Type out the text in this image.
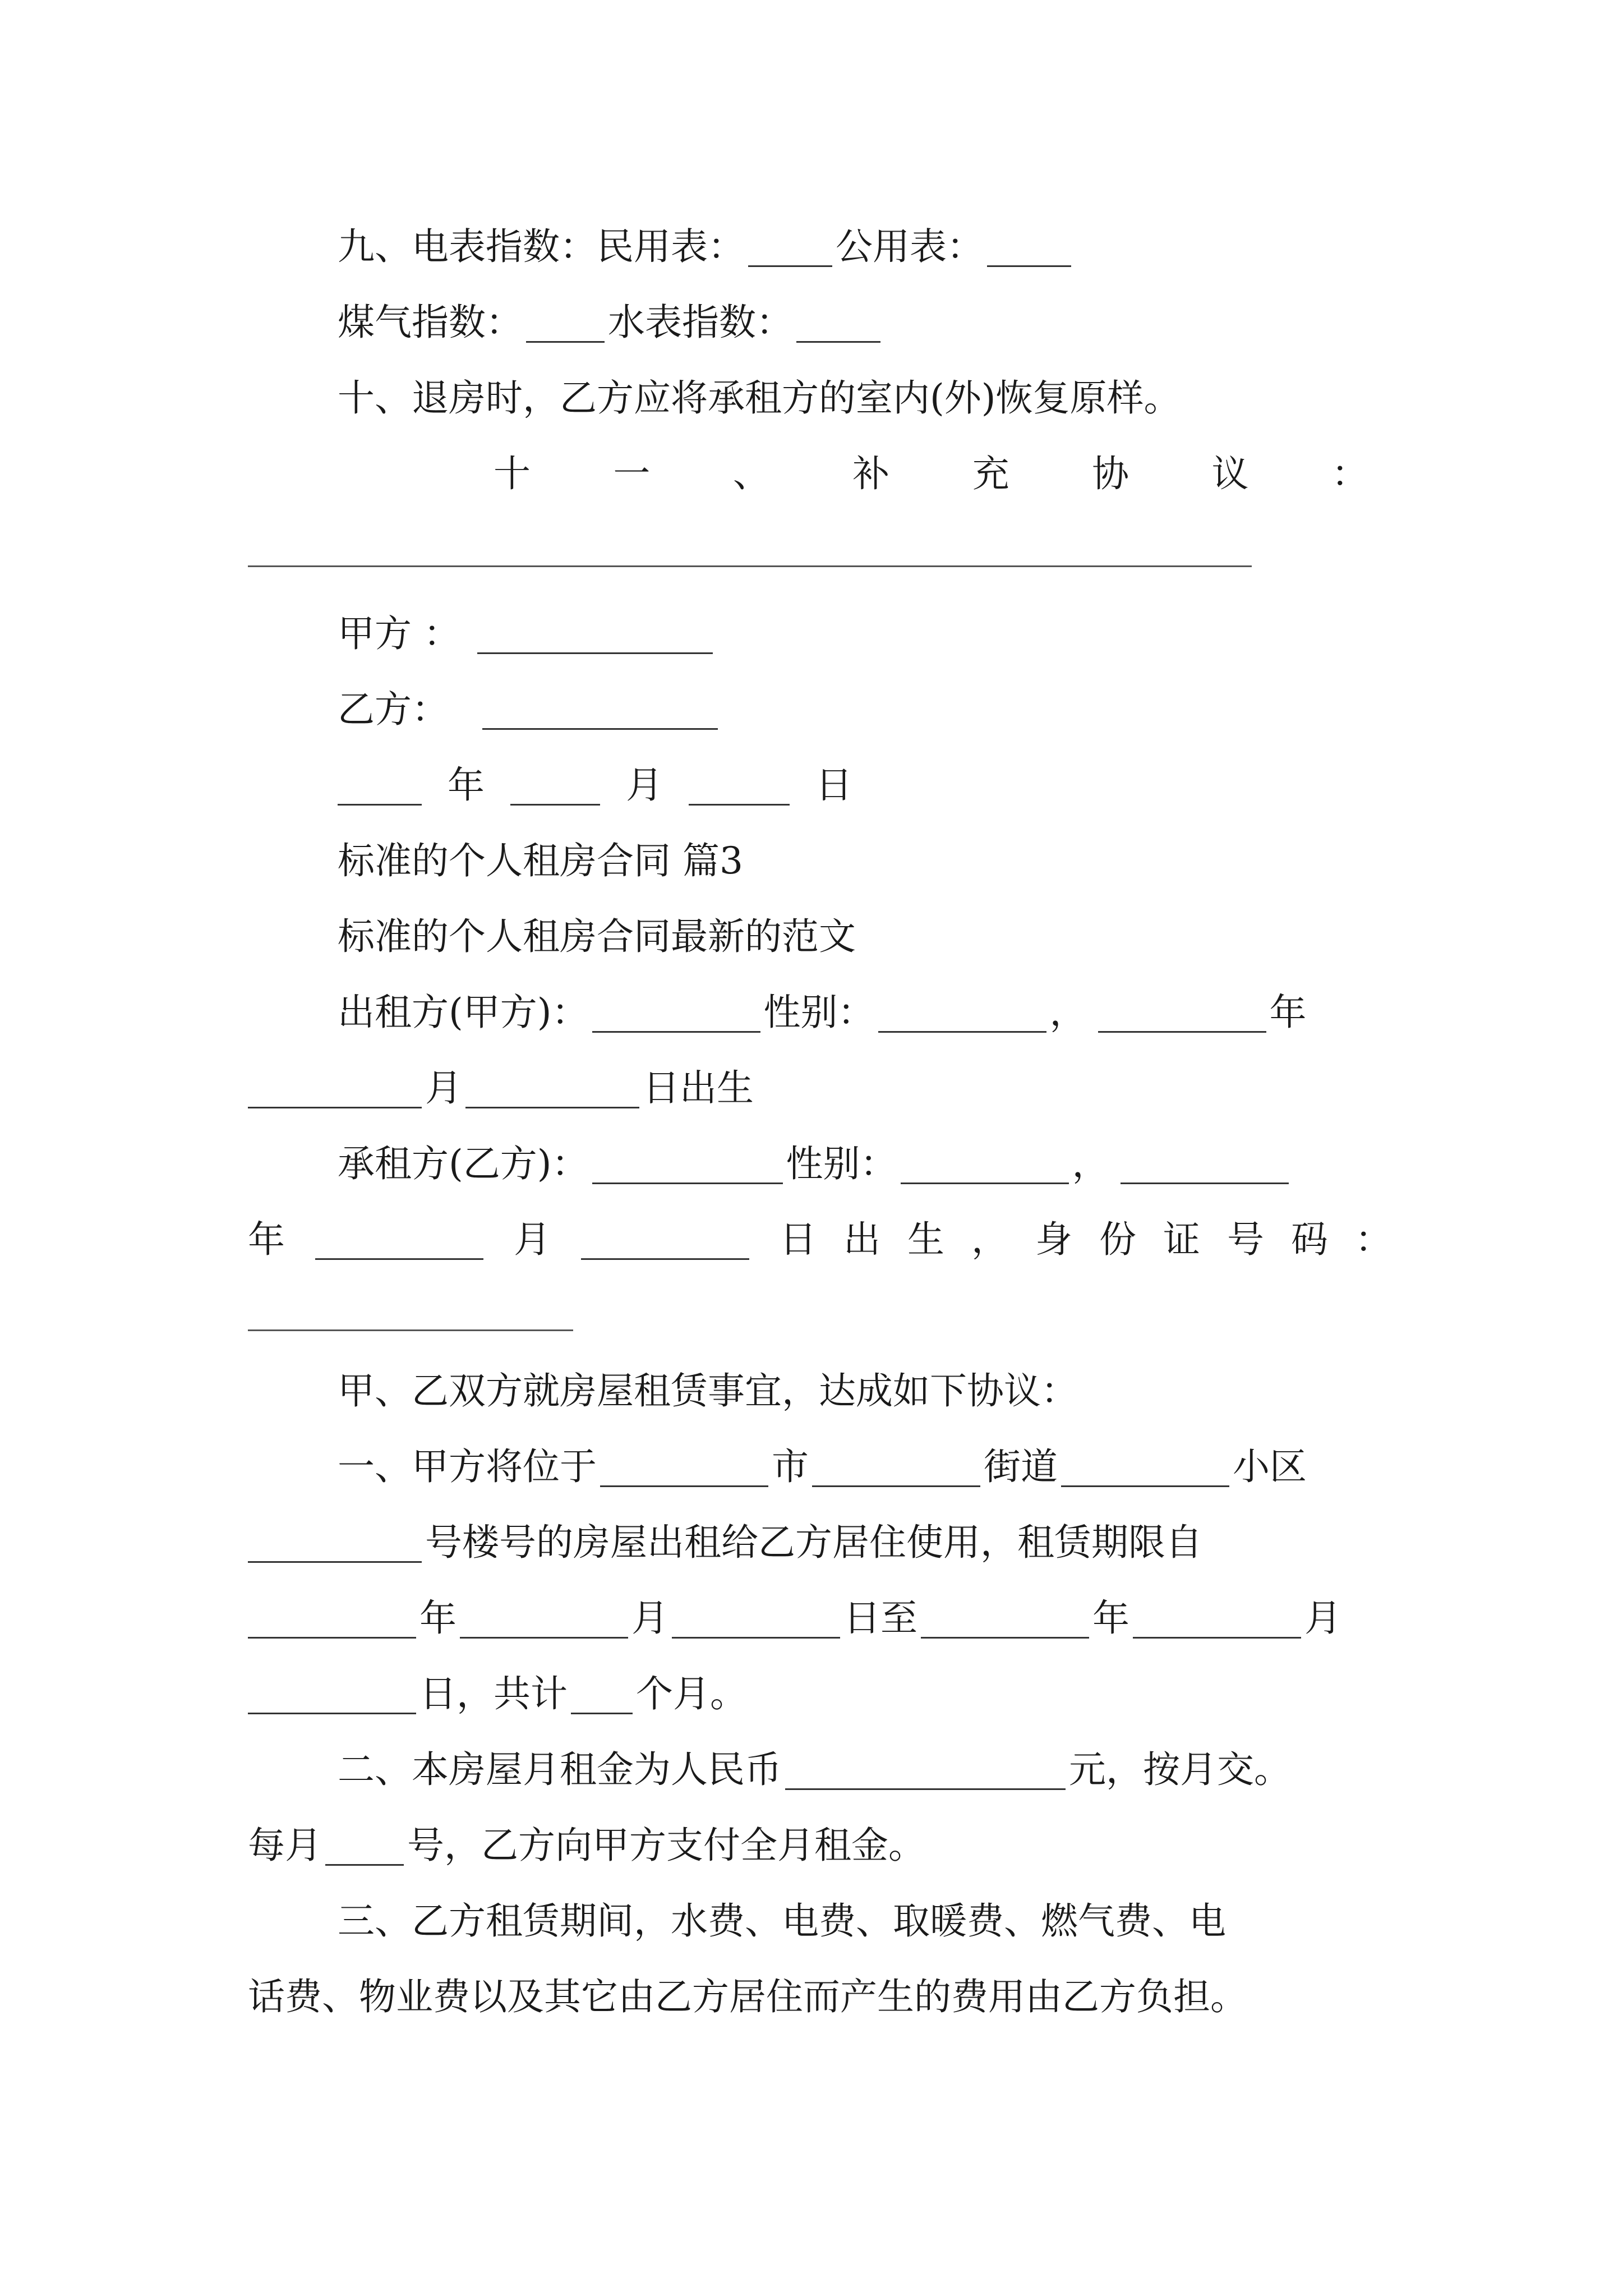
九、电表指数：民用表： 公用表：
煤气指数： 水表指数：
十、退房时，乙方应将承租方的室内(外)恢复原样。
十 一 、 补 充 协 议 ：
甲方 ：
乙方：
年	月	日
标准的个人租房合同 篇3
标准的个人租房合同最新的范文
出租方(甲方)：	性别：	，	年
月	日出生
承租方(乙方)：	性别：	，
年	月	日 出 生 ， 身 份 证 号 码 ：
甲、乙双方就房屋租赁事宜，达成如下协议：
一、甲方将位于	市	街道	小区
号楼号的房屋出租给乙方居住使用，租赁期限自
年	月	日至	年	月
日，共计 个月。
二、本房屋月租金为人民币	元，按月交。
每月 号，乙方向甲方支付全月租金。
三、乙方租赁期间，水费、电费、取暖费、燃气费、电
话费、物业费以及其它由乙方居住而产生的费用由乙方负担。
